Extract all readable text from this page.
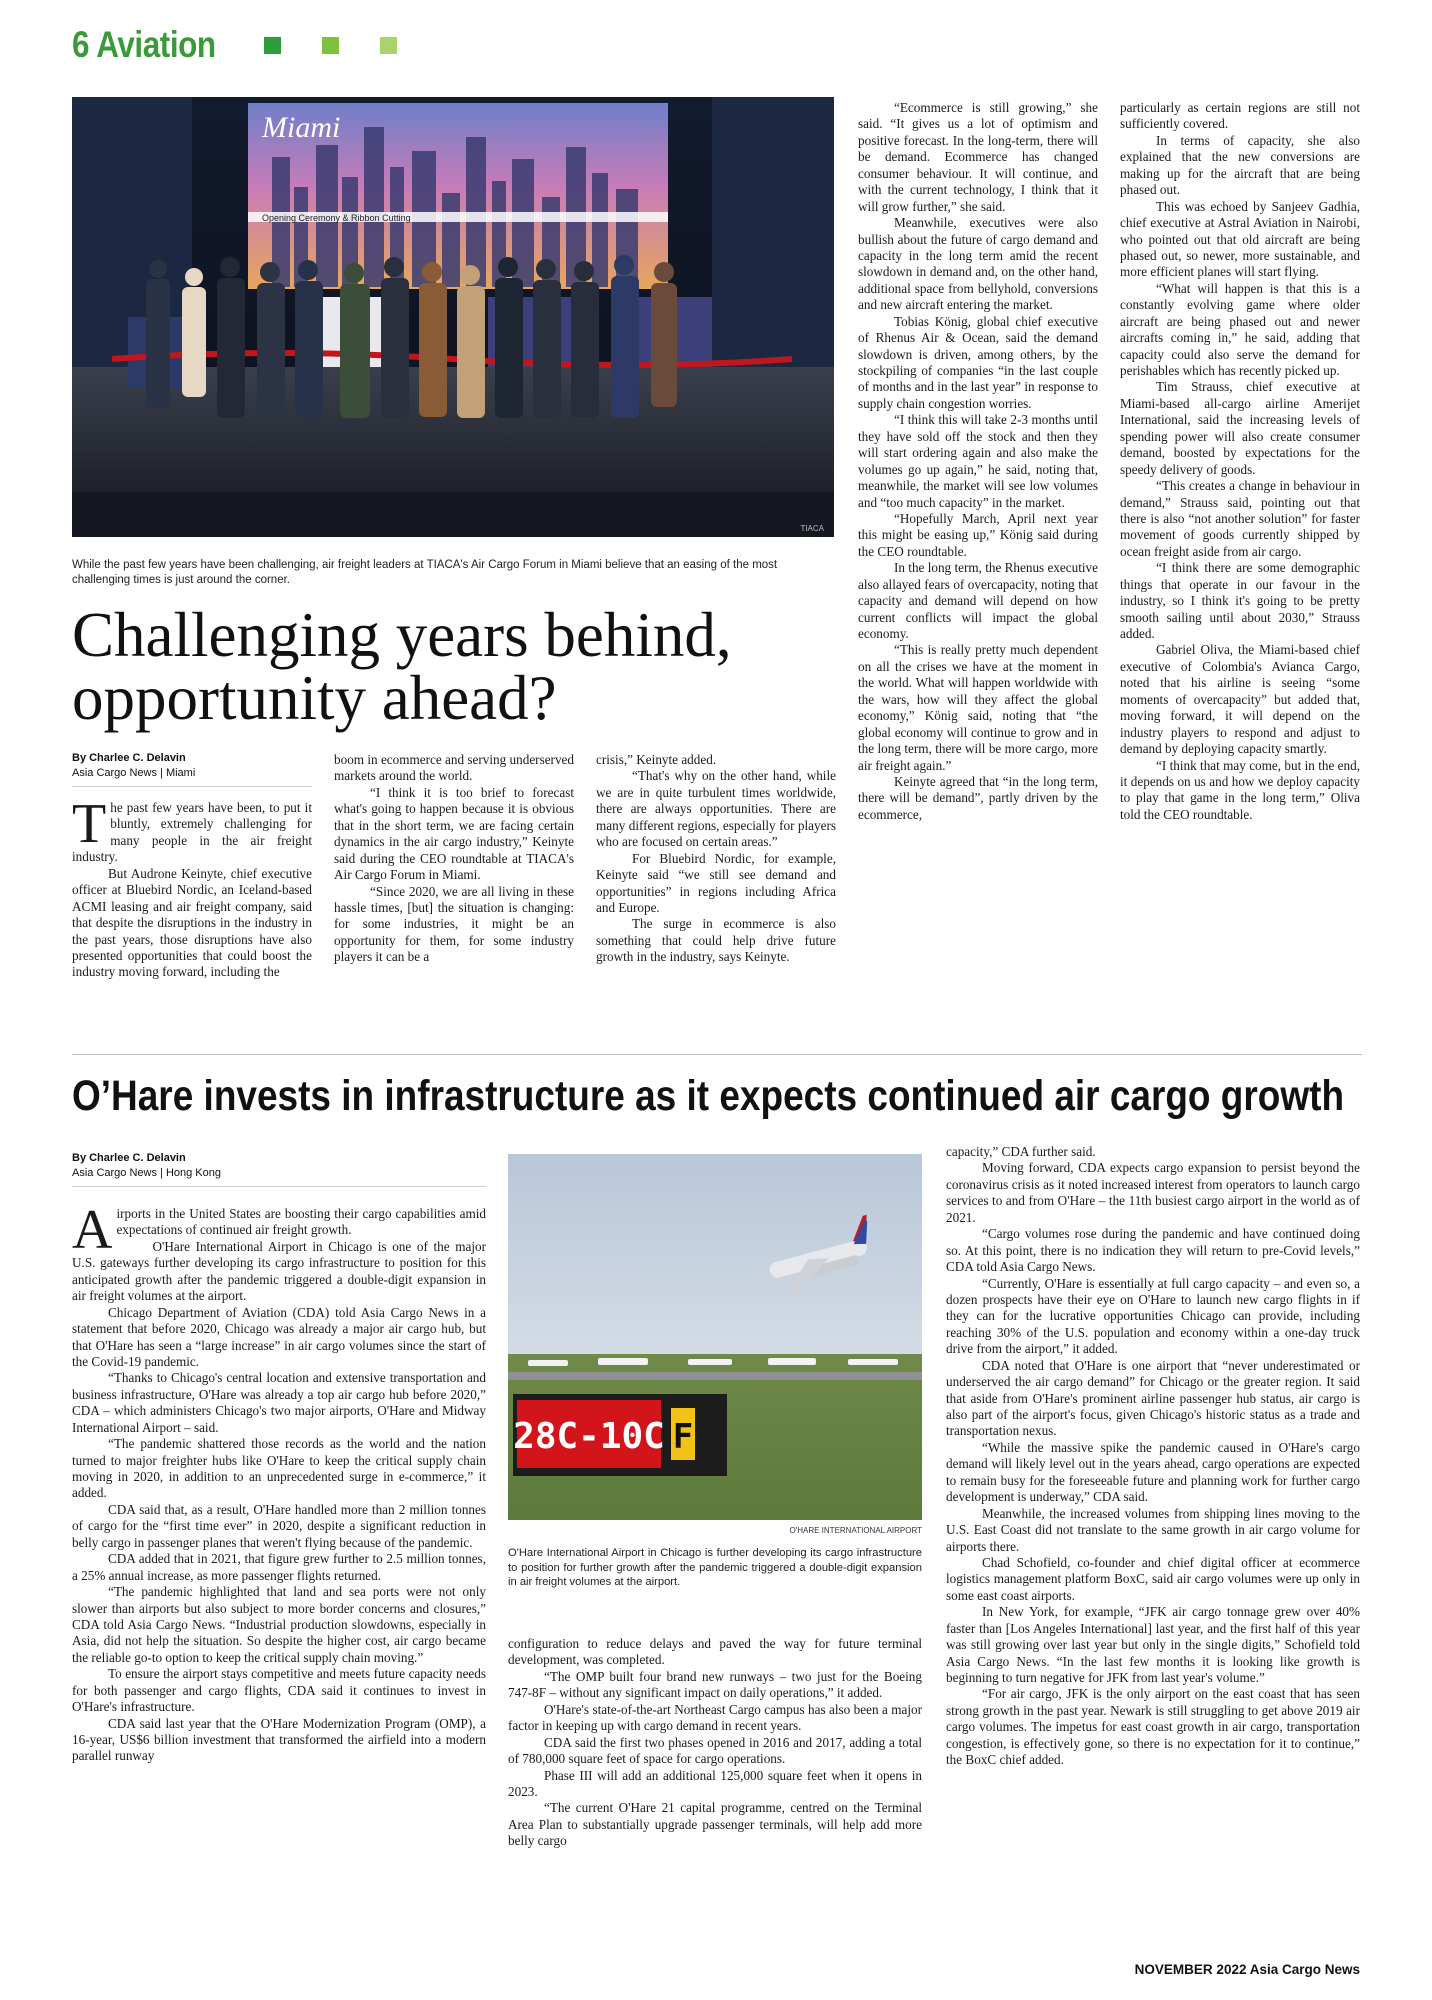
6 Aviation
Opening Ceremony & Ribbon Cutting
Miami
TIACA
While the past few years have been challenging, air freight leaders at TIACA's Air Cargo Forum in Miami believe that an easing of the most challenging times is just around the corner.
Challenging years behind, opportunity ahead?
By Charlee C. Delavin
Asia Cargo News | Miami
T he past few years have been, to put it bluntly, extremely challenging for many people in the air freight industry.

But Audrone Keinyte, chief executive officer at Bluebird Nordic, an Iceland-based ACMI leasing and air freight company, said that despite the disruptions in the industry in the past years, those disruptions have also presented opportunities that could boost the industry moving forward, including the

boom in ecommerce and serving underserved markets around the world.

“I think it is too brief to forecast what's going to happen because it is obvious that in the short term, we are facing certain dynamics in the air cargo industry,” Keinyte said during the CEO roundtable at TIACA's Air Cargo Forum in Miami.

“Since 2020, we are all living in these hassle times, [but] the situation is changing: for some industries, it might be an opportunity for them, for some industry players it can be a

crisis,” Keinyte added.

“That's why on the other hand, while we are in quite turbulent times worldwide, there are always opportunities. There are many different regions, especially for players who are focused on certain areas.”

For Bluebird Nordic, for example, Keinyte said “we still see demand and opportunities” in regions including Africa and Europe.

The surge in ecommerce is also something that could help drive future growth in the industry, says Keinyte.

“Ecommerce is still growing,” she said. “It gives us a lot of optimism and positive forecast. In the long-term, there will be demand. Ecommerce has changed consumer behaviour. It will continue, and with the current technology, I think that it will grow further,” she said.

Meanwhile, executives were also bullish about the future of cargo demand and capacity in the long term amid the recent slowdown in demand and, on the other hand, additional space from bellyhold, conversions and new aircraft entering the market.

Tobias König, global chief executive of Rhenus Air & Ocean, said the demand slowdown is driven, among others, by the stockpiling of companies “in the last couple of months and in the last year” in response to supply chain congestion worries.

“I think this will take 2-3 months until they have sold off the stock and then they will start ordering again and also make the volumes go up again,” he said, noting that, meanwhile, the market will see low volumes and “too much capacity” in the market.

“Hopefully March, April next year this might be easing up,” König said during the CEO roundtable.

In the long term, the Rhenus executive also allayed fears of overcapacity, noting that capacity and demand will depend on how current conflicts will impact the global economy.

“This is really pretty much dependent on all the crises we have at the moment in the world. What will happen worldwide with the wars, how will they affect the global economy,” König said, noting that “the global economy will continue to grow and in the long term, there will be more cargo, more air freight again.”

Keinyte agreed that “in the long term, there will be demand”, partly driven by the ecommerce,

particularly as certain regions are still not sufficiently covered.

In terms of capacity, she also explained that the new conversions are making up for the aircraft that are being phased out.

This was echoed by Sanjeev Gadhia, chief executive at Astral Aviation in Nairobi, who pointed out that old aircraft are being phased out, so newer, more sustainable, and more efficient planes will start flying.

“What will happen is that this is a constantly evolving game where older aircraft are being phased out and newer aircrafts coming in,” he said, adding that capacity could also serve the demand for perishables which has recently picked up.

Tim Strauss, chief executive at Miami-based all-cargo airline Amerijet International, said the increasing levels of spending power will also create consumer demand, boosted by expectations for the speedy delivery of goods.

“This creates a change in behaviour in demand,” Strauss said, pointing out that there is also “not another solution” for faster movement of goods currently shipped by ocean freight aside from air cargo.

“I think there are some demographic things that operate in our favour in the industry, so I think it's going to be pretty smooth sailing until about 2030,” Strauss added.

Gabriel Oliva, the Miami-based chief executive of Colombia's Avianca Cargo, noted that his airline is seeing “some moments of overcapacity” but added that, moving forward, it will depend on the industry players to respond and adjust to demand by deploying capacity smartly.

“I think that may come, but in the end, it depends on us and how we deploy capacity to play that game in the long term,” Oliva told the CEO roundtable.

O’Hare invests in infrastructure as it expects continued air cargo growth
By Charlee C. Delavin
Asia Cargo News | Hong Kong
A irports in the United States are boosting their cargo capabilities amid expectations of continued air freight growth.

O'Hare International Airport in Chicago is one of the major U.S. gateways further developing its cargo infrastructure to position for this anticipated growth after the pandemic triggered a double-digit expansion in air freight volumes at the airport.

Chicago Department of Aviation (CDA) told Asia Cargo News in a statement that before 2020, Chicago was already a major air cargo hub, but that O'Hare has seen a “large increase” in air cargo volumes since the start of the Covid-19 pandemic.

“Thanks to Chicago's central location and extensive transportation and business infrastructure, O'Hare was already a top air cargo hub before 2020,” CDA – which administers Chicago's two major airports, O'Hare and Midway International Airport – said.

“The pandemic shattered those records as the world and the nation turned to major freighter hubs like O'Hare to keep the critical supply chain moving in 2020, in addition to an unprecedented surge in e-commerce,” it added.

CDA said that, as a result, O'Hare handled more than 2 million tonnes of cargo for the “first time ever” in 2020, despite a significant reduction in belly cargo in passenger planes that weren't flying because of the pandemic.

CDA added that in 2021, that figure grew further to 2.5 million tonnes, a 25% annual increase, as more passenger flights returned.

“The pandemic highlighted that land and sea ports were not only slower than airports but also subject to more border concerns and closures,” CDA told Asia Cargo News. “Industrial production slowdowns, especially in Asia, did not help the situation. So despite the higher cost, air cargo became the reliable go-to option to keep the critical supply chain moving.”

To ensure the airport stays competitive and meets future capacity needs for both passenger and cargo flights, CDA said it continues to invest in O'Hare's infrastructure.

CDA said last year that the O'Hare Modernization Program (OMP), a 16-year, US$6 billion investment that transformed the airfield into a modern parallel runway

28C-10C F
O'HARE INTERNATIONAL AIRPORT
O'Hare International Airport in Chicago is further developing its cargo infrastructure to position for further growth after the pandemic triggered a double-digit expansion in air freight volumes at the airport.

configuration to reduce delays and paved the way for future terminal development, was completed.

“The OMP built four brand new runways – two just for the Boeing 747-8F – without any significant impact on daily operations,” it added.

O'Hare's state-of-the-art Northeast Cargo campus has also been a major factor in keeping up with cargo demand in recent years.

CDA said the first two phases opened in 2016 and 2017, adding a total of 780,000 square feet of space for cargo operations.

Phase III will add an additional 125,000 square feet when it opens in 2023.

“The current O'Hare 21 capital programme, centred on the Terminal Area Plan to substantially upgrade passenger terminals, will help add more belly cargo

capacity,” CDA further said.

Moving forward, CDA expects cargo expansion to persist beyond the coronavirus crisis as it noted increased interest from operators to launch cargo services to and from O'Hare – the 11th busiest cargo airport in the world as of 2021.

“Cargo volumes rose during the pandemic and have continued doing so. At this point, there is no indication they will return to pre-Covid levels,” CDA told Asia Cargo News.

“Currently, O'Hare is essentially at full cargo capacity – and even so, a dozen prospects have their eye on O'Hare to launch new cargo flights in if they can for the lucrative opportunities Chicago can provide, including reaching 30% of the U.S. population and economy within a one-day truck drive from the airport,” it added.

CDA noted that O'Hare is one airport that “never underestimated or underserved the air cargo demand” for Chicago or the greater region. It said that aside from O'Hare's prominent airline passenger hub status, air cargo is also part of the airport's focus, given Chicago's historic status as a trade and transportation nexus.

“While the massive spike the pandemic caused in O'Hare's cargo demand will likely level out in the years ahead, cargo operations are expected to remain busy for the foreseeable future and planning work for further cargo development is underway,” CDA said.

Meanwhile, the increased volumes from shipping lines moving to the U.S. East Coast did not translate to the same growth in air cargo volume for airports there.

Chad Schofield, co-founder and chief digital officer at ecommerce logistics management platform BoxC, said air cargo volumes were up only in some east coast airports.

In New York, for example, “JFK air cargo tonnage grew over 40% faster than [Los Angeles International] last year, and the first half of this year was still growing over last year but only in the single digits,” Schofield told Asia Cargo News. “In the last few months it is looking like growth is beginning to turn negative for JFK from last year's volume.”

“For air cargo, JFK is the only airport on the east coast that has seen strong growth in the past year. Newark is still struggling to get above 2019 air cargo volumes. The impetus for east coast growth in air cargo, transportation congestion, is effectively gone, so there is no expectation for it to continue,” the BoxC chief added.

NOVEMBER 2022 Asia Cargo News
